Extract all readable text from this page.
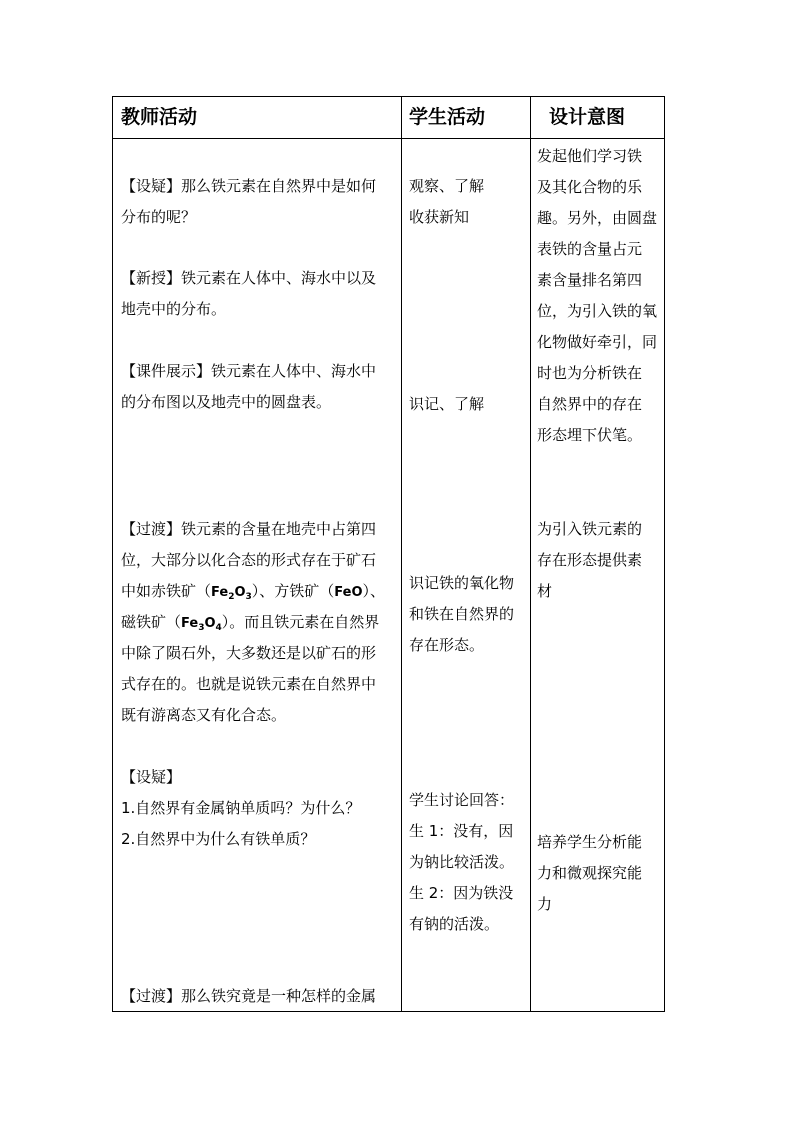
教师活动	学生活动	设计意图
【设疑】那么铁元素在自然界中是如何
分布的呢？
【新授】铁元素在人体中、海水中以及
地壳中的分布。
【课件展示】铁元素在人体中、海水中
的分布图以及地壳中的圆盘表。
【过渡】铁元素的含量在地壳中占第四
位，大部分以化合态的形式存在于矿石
中如赤铁矿$(Fe_2O_3)$、方铁矿（FeO）、
磁铁矿$(Fe_3O_4)$。而且铁元素在自然界
中除了陨石外，大多数还是以矿石的形
式存在的。也就是说铁元素在自然界中
既有游离态又有化合态。
【设疑】
1.自然界有金属钠单质吗？为什么？
2.自然界中为什么有铁单质？
【过渡】那么铁究竟是一种怎样的金属
观察、了解
收获新知
识记、了解
识记铁的氧化物
和铁在自然界的
存在形态。
学生讨论回答：
生 1：没有，因
为钠比较活泼。
生 2：因为铁没
有钠的活泼。
发起他们学习铁
及其化合物的乐
趣。另外，由圆盘
表铁的含量占元
素含量排名第四
位，为引入铁的氧
化物做好牵引，同
时也为分析铁在
自然界中的存在
形态埋下伏笔。
为引入铁元素的
存在形态提供素
材
培养学生分析能
力和微观探究能
力
